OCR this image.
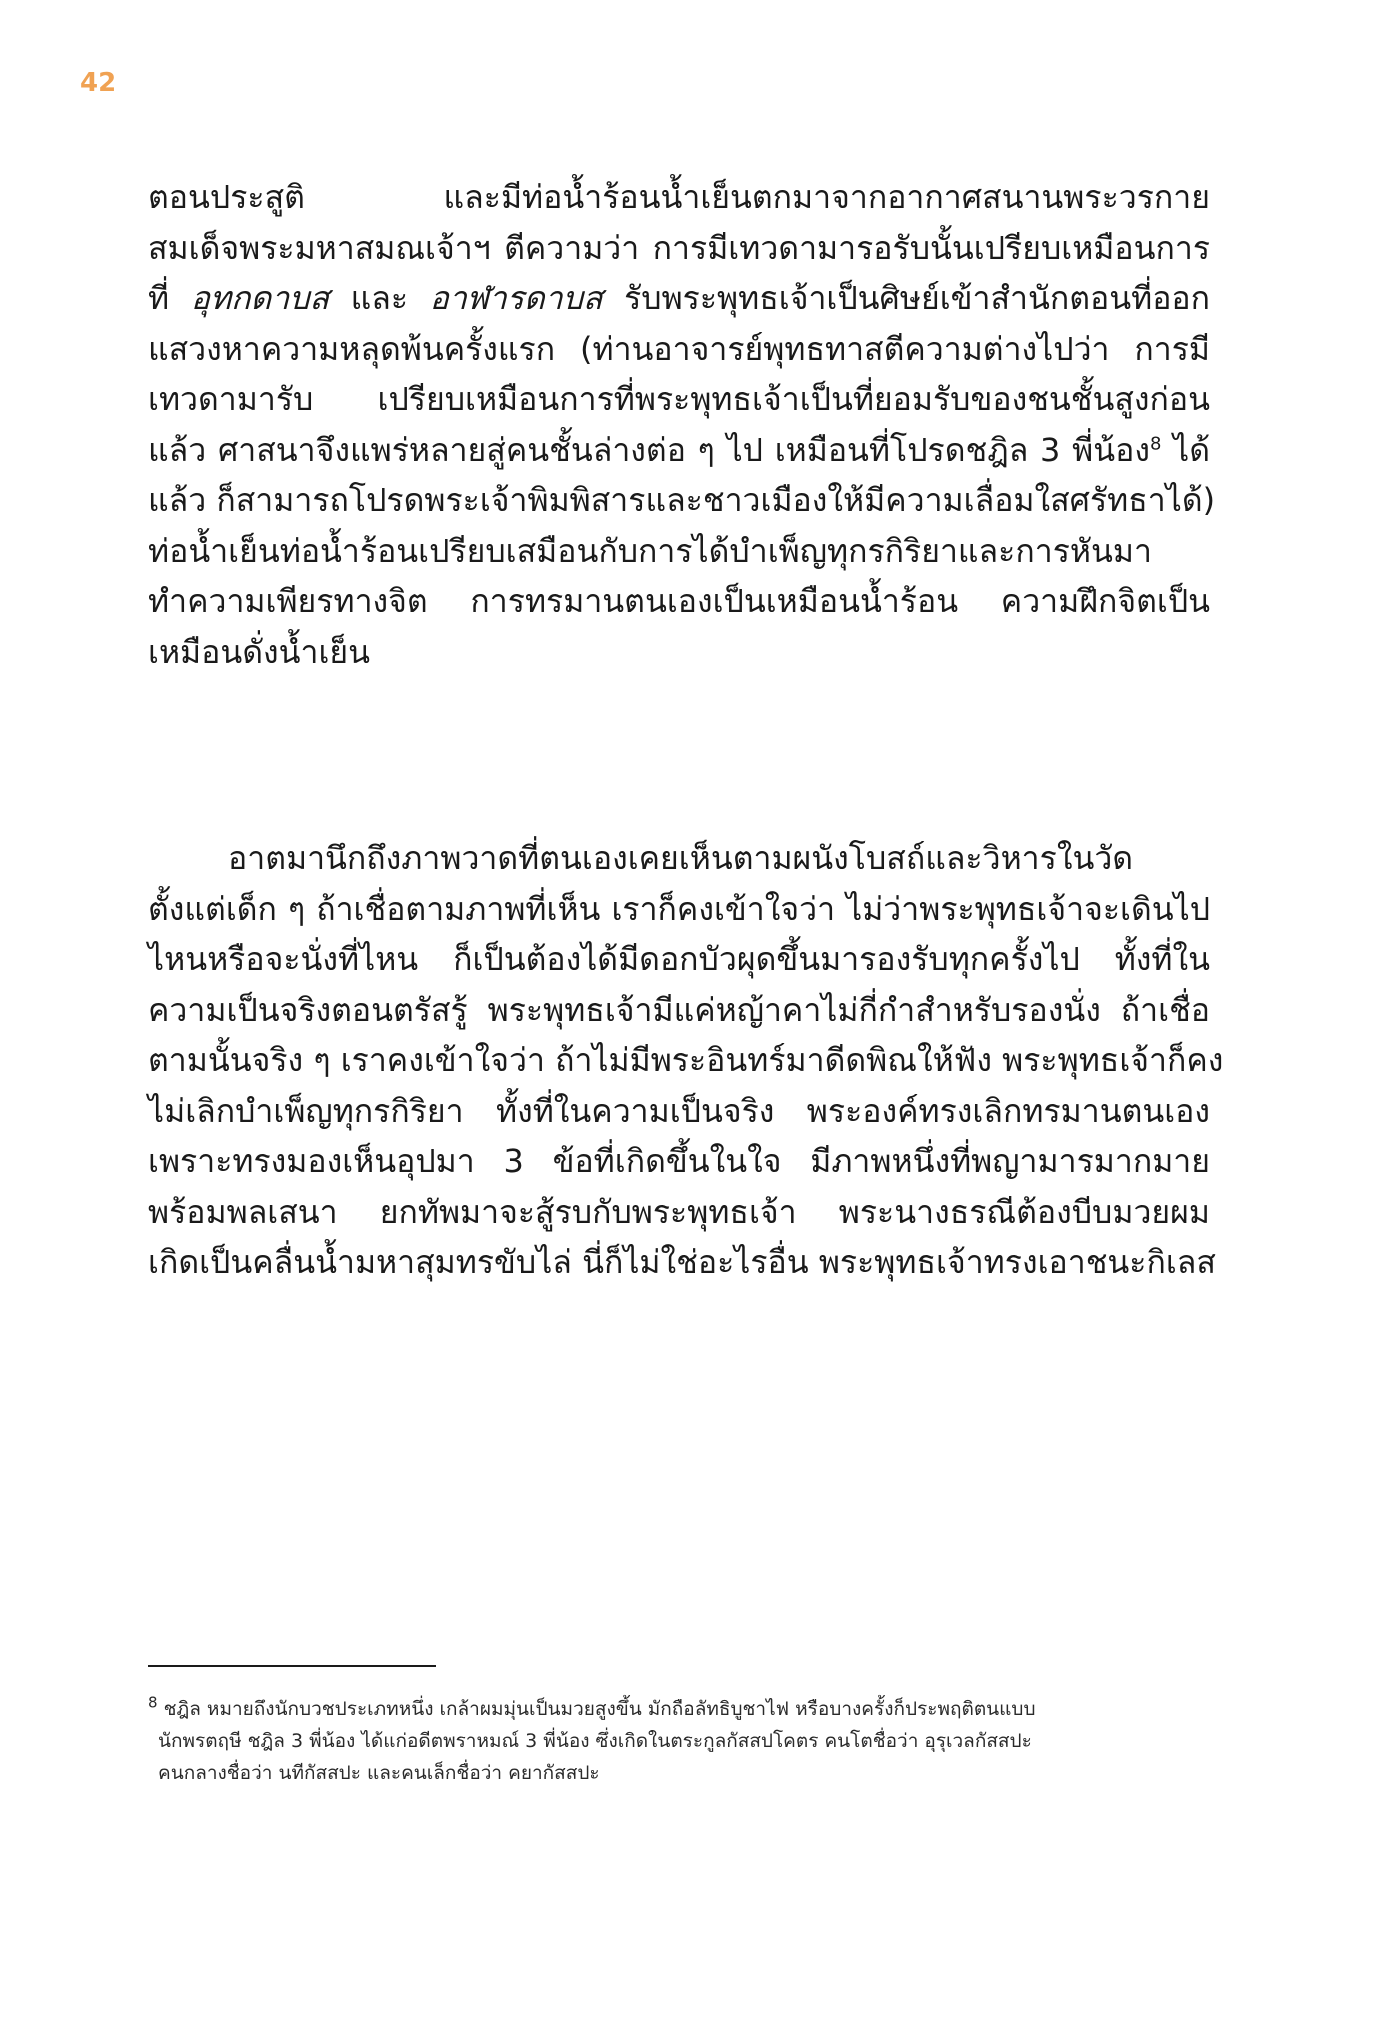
42
ตอนประสูติ และมีท่อน้ำร้อนน้ำเย็นตกมาจากอากาศสนานพระวรกาย
สมเด็จพระมหาสมณเจ้าฯ ตีความว่า การมีเทวดามารอรับนั้นเปรียบเหมือนการ
ที่ อุทกดาบส และ อาฬารดาบส รับพระพุทธเจ้าเป็นศิษย์เข้าสำนักตอนที่ออก
แสวงหาความหลุดพ้นครั้งแรก (ท่านอาจารย์พุทธทาสตีความต่างไปว่า การมี
เทวดามารับ เปรียบเหมือนการที่พระพุทธเจ้าเป็นที่ยอมรับของชนชั้นสูงก่อน
แล้ว ศาสนาจึงแพร่หลายสู่คนชั้นล่างต่อ ๆ ไป เหมือนที่โปรดชฎิล 3 พี่น้อง$^8$ ได้
แล้ว ก็สามารถโปรดพระเจ้าพิมพิสารและชาวเมืองให้มีความเลื่อมใสศรัทธาได้)
ท่อน้ำเย็นท่อน้ำร้อนเปรียบเสมือนกับการได้บำเพ็ญทุกรกิริยาและการหันมา
ทำความเพียรทางจิต การทรมานตนเองเป็นเหมือนน้ำร้อน ความฝึกจิตเป็น
เหมือนดั่งน้ำเย็น
อาตมานึกถึงภาพวาดที่ตนเองเคยเห็นตามผนังโบสถ์และวิหารในวัด
ตั้งแต่เด็ก ๆ ถ้าเชื่อตามภาพที่เห็น เราก็คงเข้าใจว่า ไม่ว่าพระพุทธเจ้าจะเดินไป
ไหนหรือจะนั่งที่ไหน ก็เป็นต้องได้มีดอกบัวผุดขึ้นมารองรับทุกครั้งไป ทั้งที่ใน
ความเป็นจริงตอนตรัสรู้ พระพุทธเจ้ามีแค่หญ้าคาไม่กี่กำสำหรับรองนั่ง ถ้าเชื่อ
ตามนั้นจริง ๆ เราคงเข้าใจว่า ถ้าไม่มีพระอินทร์มาดีดพิณให้ฟัง พระพุทธเจ้าก็คง
ไม่เลิกบำเพ็ญทุกรกิริยา ทั้งที่ในความเป็นจริง พระองค์ทรงเลิกทรมานตนเอง
เพราะทรงมองเห็นอุปมา 3 ข้อที่เกิดขึ้นในใจ มีภาพหนึ่งที่พญามารมากมาย
พร้อมพลเสนา ยกทัพมาจะสู้รบกับพระพุทธเจ้า พระนางธรณีต้องบีบมวยผม
เกิดเป็นคลื่นน้ำมหาสุมทรขับไล่ นี่ก็ไม่ใช่อะไรอื่น พระพุทธเจ้าทรงเอาชนะกิเลส
$^8$ ชฎิล หมายถึงนักบวชประเภทหนึ่ง เกล้าผมมุ่นเป็นมวยสูงขึ้น มักถือลัทธิบูชาไฟ หรือบางครั้งก็ประพฤติตนแบบ
นักพรตฤษี ชฎิล 3 พี่น้อง ได้แก่อดีตพราหมณ์ 3 พี่น้อง ซึ่งเกิดในตระกูลกัสสปโคตร คนโตชื่อว่า อุรุเวลกัสสปะ
คนกลางชื่อว่า นทีกัสสปะ และคนเล็กชื่อว่า คยากัสสปะ
